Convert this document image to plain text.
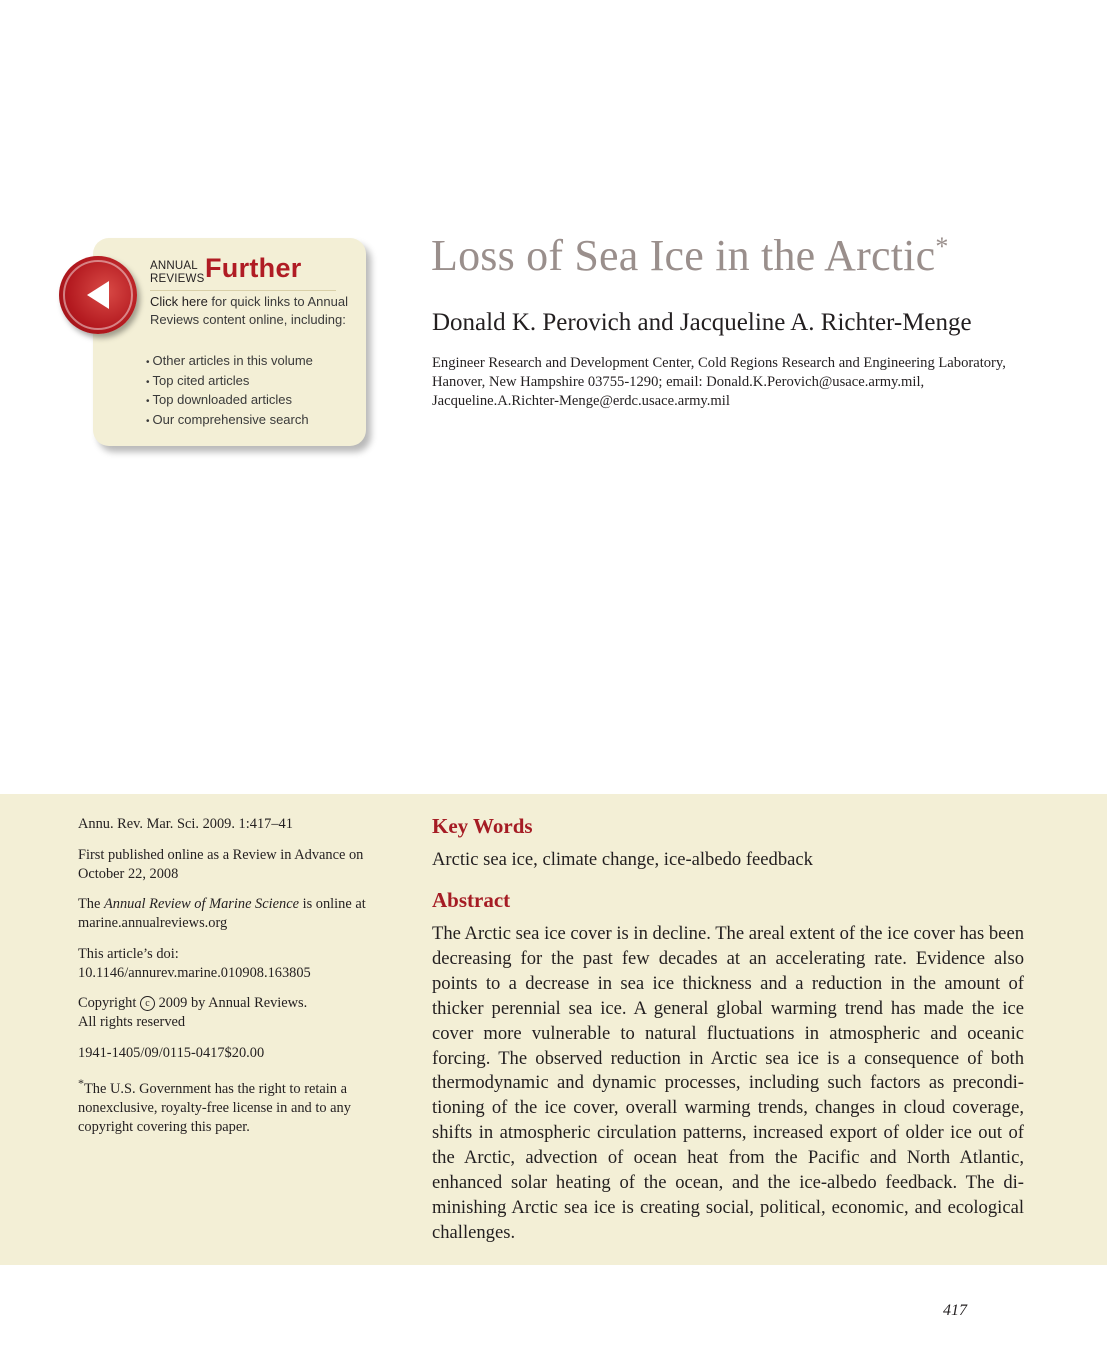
ANNUAL
REVIEWS Further
Click here for quick links to Annual Reviews content online, including:
• Other articles in this volume
• Top cited articles
• Top downloaded articles
• Our comprehensive search
Loss of Sea Ice in the Arctic*
Donald K. Perovich and Jacqueline A. Richter-Menge
Engineer Research and Development Center, Cold Regions Research and Engineering Laboratory, Hanover, New Hampshire 03755-1290; email: Donald.K.Perovich@usace.army.mil, Jacqueline.A.Richter-Menge@erdc.usace.army.mil

Annu. Rev. Mar. Sci. 2009. 1:417–41

First published online as a Review in Advance on October 22, 2008

The Annual Review of Marine Science is online at marine.annualreviews.org

This article’s doi:
10.1146/annurev.marine.010908.163805

Copyright c 2009 by Annual Reviews.
All rights reserved

1941-1405/09/0115-0417$20.00

*The U.S. Government has the right to retain a nonexclusive, royalty-free license in and to any copyright covering this paper.

Key Words
Arctic sea ice, climate change, ice-albedo feedback
Abstract

The Arctic sea ice cover is in decline. The areal extent of the ice cover has been decreasing for the past few decades at an accelerating rate. Evidence also points to a decrease in sea ice thickness and a reduction in the amount of thicker perennial sea ice. A general global warming trend has made the ice cover more vulnerable to natural fluctuations in atmospheric and oceanic forcing. The observed reduction in Arctic sea ice is a consequence of both thermodynamic and dynamic processes, including such factors as preconditioning of the ice cover, overall warming trends, changes in cloud coverage, shifts in atmospheric circulation patterns, increased export of older ice out of the Arctic, advection of ocean heat from the Pacific and North Atlantic, enhanced solar heating of the ocean, and the ice-albedo feedback. The diminishing Arctic sea ice is creating social, political, economic, and ecological challenges.

417
